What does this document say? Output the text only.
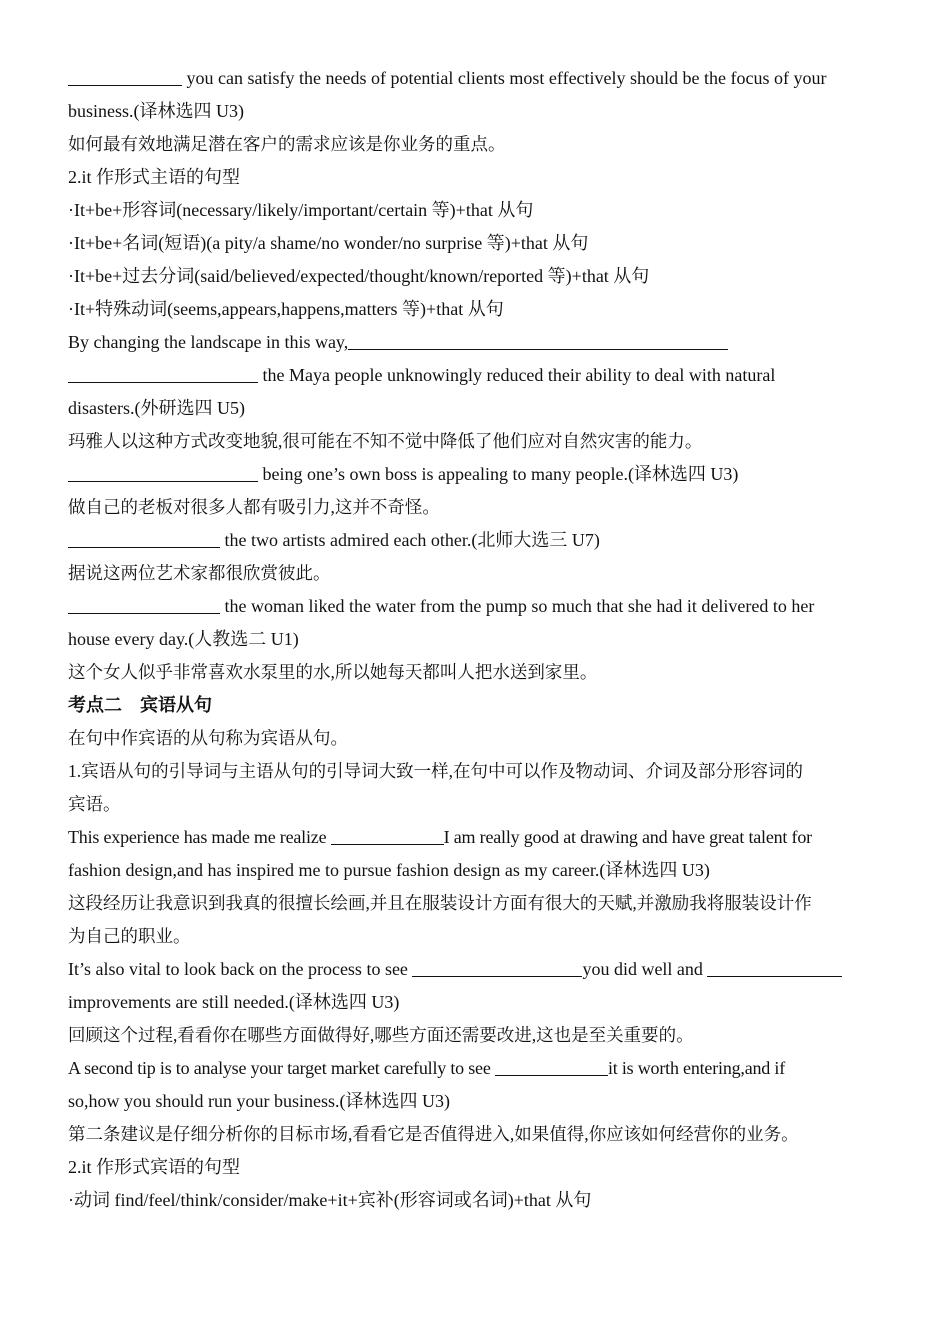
you can satisfy the needs of potential clients most effectively should be the focus of your
business.(译林选四 U3)
如何最有效地满足潜在客户的需求应该是你业务的重点。
2.it 作形式主语的句型
·It+be+形容词(necessary/likely/important/certain 等)+that 从句
·It+be+名词(短语)(a pity/a shame/no wonder/no surprise 等)+that 从句
·It+be+过去分词(said/believed/expected/thought/known/reported 等)+that 从句
·It+特殊动词(seems,appears,happens,matters 等)+that 从句
By changing the landscape in this way,
the Maya people unknowingly reduced their ability to deal with natural
disasters.(外研选四 U5)
玛雅人以这种方式改变地貌,很可能在不知不觉中降低了他们应对自然灾害的能力。
being one’s own boss is appealing to many people.(译林选四 U3)
做自己的老板对很多人都有吸引力,这并不奇怪。
the two artists admired each other.(北师大选三 U7)
据说这两位艺术家都很欣赏彼此。
the woman liked the water from the pump so much that she had it delivered to her
house every day.(人教选二 U1)
这个女人似乎非常喜欢水泵里的水,所以她每天都叫人把水送到家里。
考点二　宾语从句
在句中作宾语的从句称为宾语从句。
1.宾语从句的引导词与主语从句的引导词大致一样,在句中可以作及物动词、介词及部分形容词的
宾语。
This experience has made me realize	I am really good at drawing and have great talent for
fashion design,and has inspired me to pursue fashion design as my career.(译林选四 U3)
这段经历让我意识到我真的很擅长绘画,并且在服装设计方面有很大的天赋,并激励我将服装设计作
为自己的职业。
It’s also vital to look back on the process to see	you did well and
improvements are still needed.(译林选四 U3)
回顾这个过程,看看你在哪些方面做得好,哪些方面还需要改进,这也是至关重要的。
A second tip is to analyse your target market carefully to see	it is worth entering,and if
so,how you should run your business.(译林选四 U3)
第二条建议是仔细分析你的目标市场,看看它是否值得进入,如果值得,你应该如何经营你的业务。
2.it 作形式宾语的句型
·动词 find/feel/think/consider/make+it+宾补(形容词或名词)+that 从句
